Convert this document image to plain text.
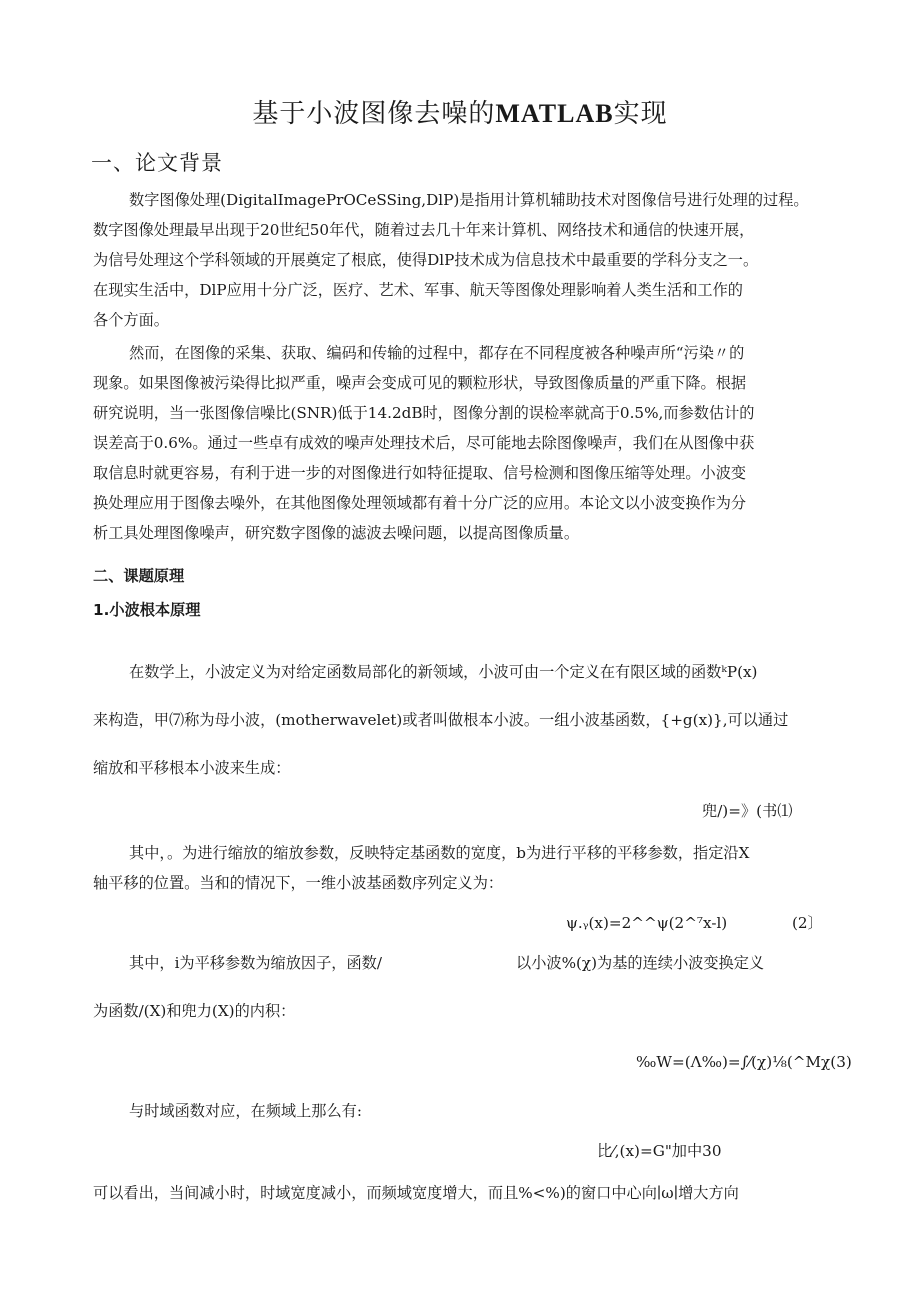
基于小波图像去噪的MATLAB实现
一、论文背景
数字图像处理(DigitalImagePrOCeSSing,DlP)是指用计算机辅助技术对图像信号进行处理的过程。
数字图像处理最早出现于20世纪50年代，随着过去几十年来计算机、网络技术和通信的快速开展，
为信号处理这个学科领域的开展奠定了根底，使得DlP技术成为信息技术中最重要的学科分支之一。
在现实生活中，DlP应用十分广泛，医疗、艺术、军事、航天等图像处理影响着人类生活和工作的
各个方面。
然而，在图像的采集、获取、编码和传输的过程中，都存在不同程度被各种噪声所“污染〃的
现象。如果图像被污染得比拟严重，噪声会变成可见的颗粒形状，导致图像质量的严重下降。根据
研究说明，当一张图像信噪比(SNR)低于14.2dB时，图像分割的误检率就高于0.5%,而参数估计的
误差高于0.6%。通过一些卓有成效的噪声处理技术后，尽可能地去除图像噪声，我们在从图像中获
取信息时就更容易，有利于进一步的对图像进行如特征提取、信号检测和图像压缩等处理。小波变
换处理应用于图像去噪外，在其他图像处理领域都有着十分广泛的应用。本论文以小波变换作为分
析工具处理图像噪声，研究数字图像的滤波去噪问题，以提高图像质量。
二、课题原理
1.小波根本原理
在数学上，小波定义为对给定函数局部化的新领域，小波可由一个定义在有限区域的函数ᵏP(x)
来构造，甲⑺称为母小波，(motherwavelet)或者叫做根本小波。一组小波基函数，{+g(x)},可以通过
缩放和平移根本小波来生成：
兜/)=》(书⑴
其中，。为进行缩放的缩放参数，反映特定基函数的宽度，b为进行平移的平移参数，指定沿X
轴平移的位置。当和的情况下，一维小波基函数序列定义为：
ψ.ᵧ(x)=2^^ψ(2^⁷x-l)	(2〕
其中，i为平移参数为缩放因子，函数/	以小波%(χ)为基的连续小波变换定义
为函数/(X)和兜力(X)的内积：
‰W=(Λ‰)=∫⁄(χ)⅛(^Mχ(3)
与时域函数对应，在频域上那么有:
比⁄,(x)=G"加中30
可以看出，当间减小时，时域宽度减小，而频域宽度增大，而且%<%)的窗口中心向∣ω∣增大方向
